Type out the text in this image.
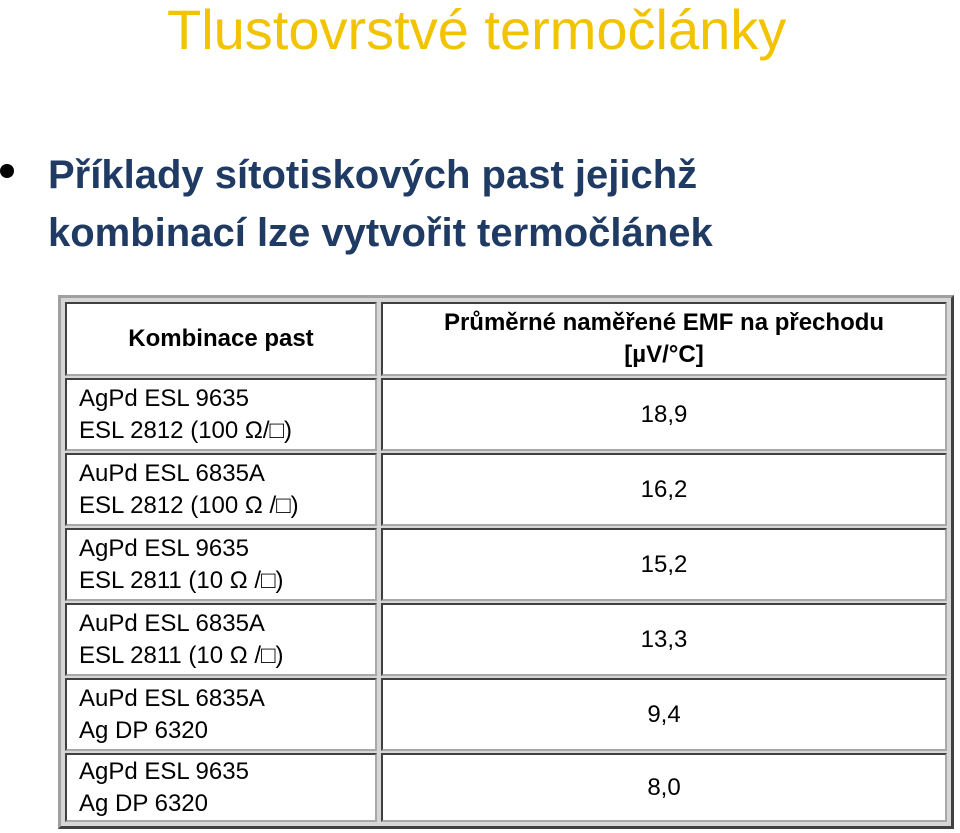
Tlustovrstvé termočlánky
Příklady sítotiskových past jejichž
kombinací lze vytvořit termočlánek
Kombinace past
Průměrné naměřené EMF na přechodu
[µV/°C]
AgPd ESL 9635
ESL 2812 (100 Ω/□)
18,9
AuPd ESL 6835A
ESL 2812 (100 Ω /□)
16,2
AgPd ESL 9635
ESL 2811 (10 Ω /□)
15,2
AuPd ESL 6835A
ESL 2811 (10 Ω /□)
13,3
AuPd ESL 6835A
Ag DP 6320
9,4
AgPd ESL 9635
Ag DP 6320
8,0
